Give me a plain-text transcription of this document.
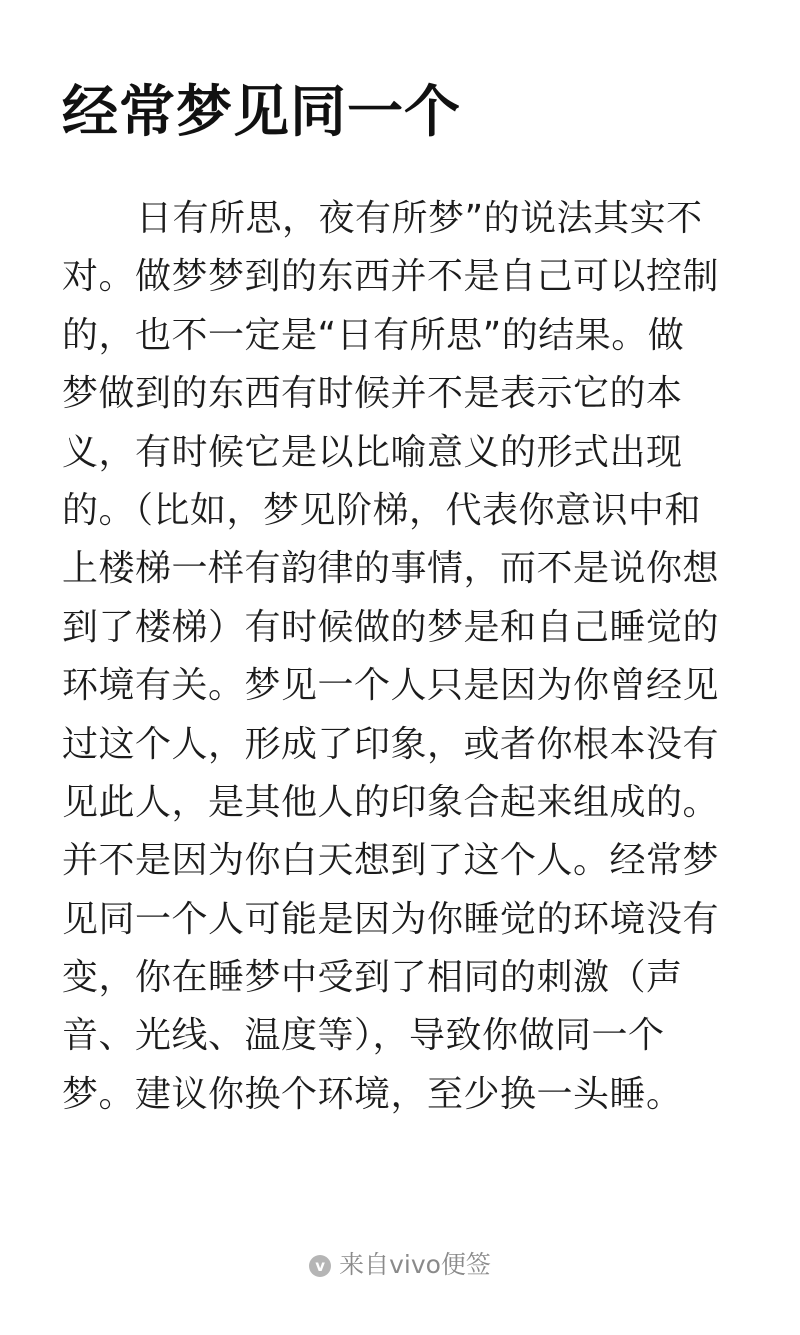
经常梦见同一个
日有所思，夜有所梦”的说法其实不
对。做梦梦到的东西并不是自己可以控制
的，也不一定是“日有所思”的结果。做
梦做到的东西有时候并不是表示它的本
义，有时候它是以比喻意义的形式出现
的。（比如，梦见阶梯，代表你意识中和
上楼梯一样有韵律的事情，而不是说你想
到了楼梯）有时候做的梦是和自己睡觉的
环境有关。梦见一个人只是因为你曾经见
过这个人，形成了印象，或者你根本没有
见此人，是其他人的印象合起来组成的。
并不是因为你白天想到了这个人。经常梦
见同一个人可能是因为你睡觉的环境没有
变，你在睡梦中受到了相同的刺激（声
音、光线、温度等），导致你做同一个
梦。建议你换个环境，至少换一头睡。
v 来自vivo便签
